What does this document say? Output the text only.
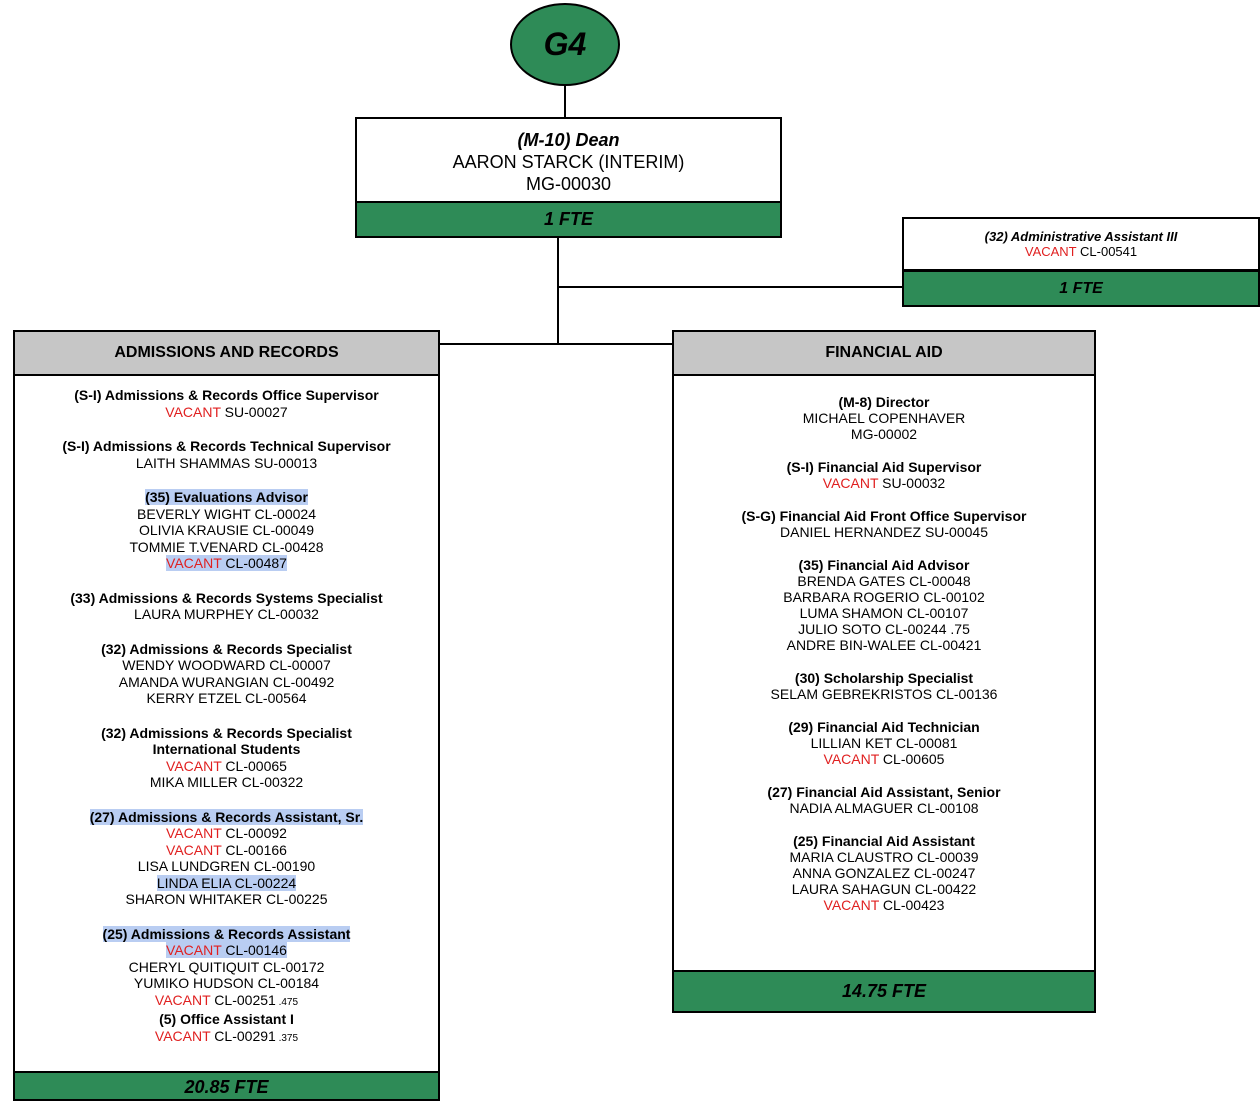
G4
(M-10) Dean
AARON STARCK (INTERIM)
MG-00030
1 FTE
(32) Administrative Assistant III
VACANT CL-00541
1 FTE
ADMISSIONS AND RECORDS
(S-I) Admissions & Records Office Supervisor
VACANT SU-00027
(S-I) Admissions & Records Technical Supervisor
LAITH SHAMMAS SU-00013
(35) Evaluations Advisor
BEVERLY WIGHT CL-00024
OLIVIA KRAUSIE CL-00049
TOMMIE T.VENARD CL-00428
VACANT CL-00487
(33) Admissions & Records Systems Specialist
LAURA MURPHEY CL-00032
(32) Admissions & Records Specialist
WENDY WOODWARD CL-00007
AMANDA WURANGIAN CL-00492
KERRY ETZEL CL-00564
(32) Admissions & Records Specialist
International Students
VACANT CL-00065
MIKA MILLER CL-00322
(27) Admissions & Records Assistant, Sr.
VACANT CL-00092
VACANT CL-00166
LISA LUNDGREN CL-00190
LINDA ELIA CL-00224
SHARON WHITAKER CL-00225
(25) Admissions & Records Assistant
VACANT CL-00146
CHERYL QUITIQUIT CL-00172
YUMIKO HUDSON CL-00184
VACANT CL-00251 .475
(5) Office Assistant I
VACANT CL-00291 .375
20.85 FTE
FINANCIAL AID
(M-8) Director
MICHAEL COPENHAVER
MG-00002
(S-I) Financial Aid Supervisor
VACANT SU-00032
(S-G) Financial Aid Front Office Supervisor
DANIEL HERNANDEZ SU-00045
(35) Financial Aid Advisor
BRENDA GATES CL-00048
BARBARA ROGERIO CL-00102
LUMA SHAMON CL-00107
JULIO SOTO CL-00244 .75
ANDRE BIN-WALEE CL-00421
(30) Scholarship Specialist
SELAM GEBREKRISTOS CL-00136
(29) Financial Aid Technician
LILLIAN KET CL-00081
VACANT CL-00605
(27) Financial Aid Assistant, Senior
NADIA ALMAGUER CL-00108
(25) Financial Aid Assistant
MARIA CLAUSTRO CL-00039
ANNA GONZALEZ CL-00247
LAURA SAHAGUN CL-00422
VACANT CL-00423
14.75 FTE
